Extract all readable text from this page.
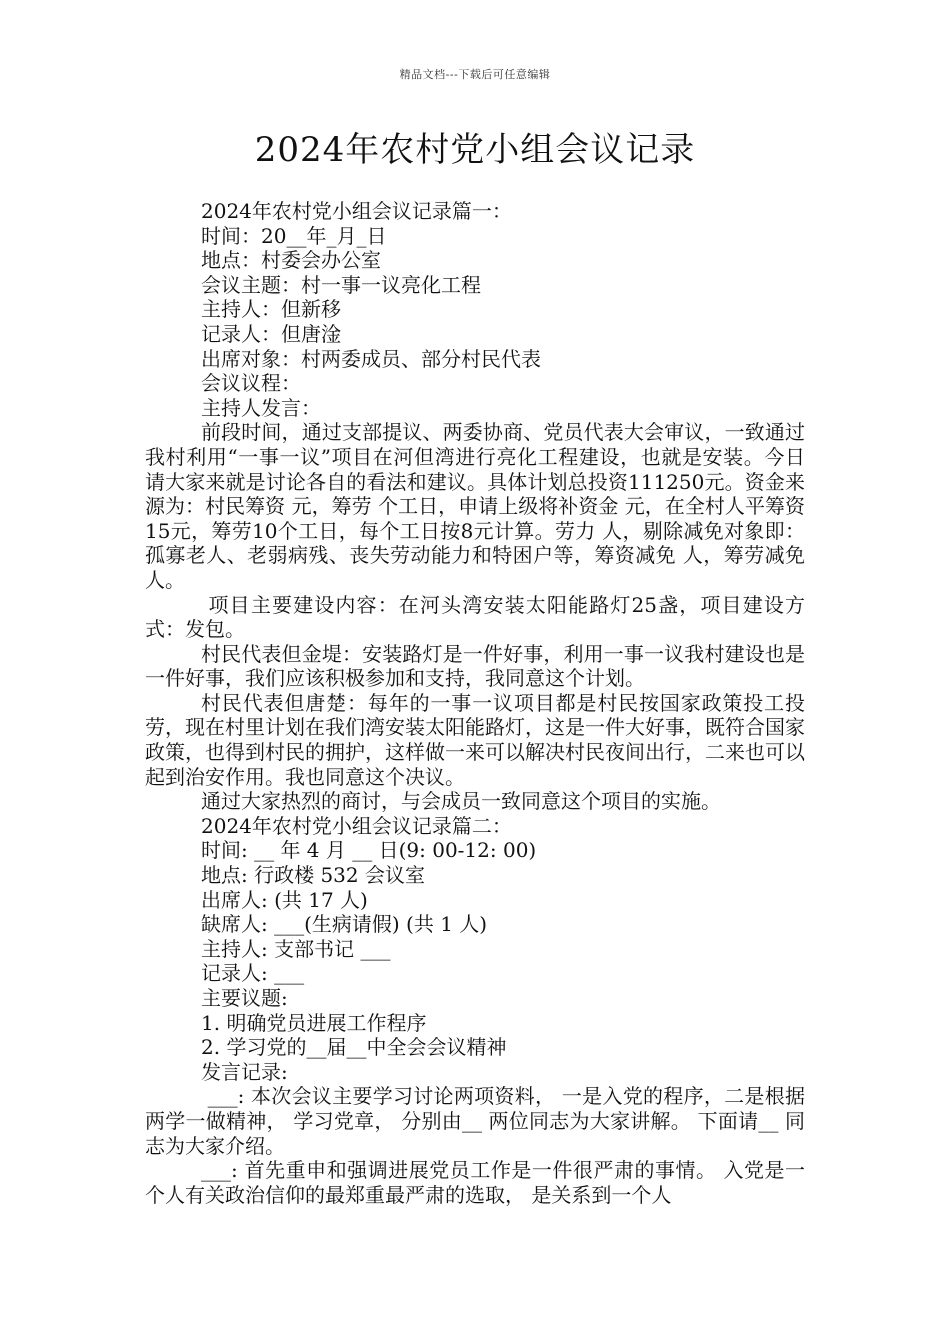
精品文档---下载后可任意编辑
2024年农村党小组会议记录

2024年农村党小组会议记录篇一：

时间：20__年_月_日

地点：村委会办公室

会议主题：村一事一议亮化工程

主持人：但新移

记录人：但唐淦

出席对象：村两委成员、部分村民代表

会议议程：

主持人发言：

前段时间，通过支部提议、两委协商、党员代表大会审议，一致通过我村利用“一事一议”项目在河但湾进行亮化工程建设，也就是安装。今日请大家来就是讨论各自的看法和建议。具体计划总投资111250元。资金来源为：村民筹资 元，筹劳 个工日，申请上级将补资金 元，在全村人平筹资15元，筹劳10个工日，每个工日按8元计算。劳力 人，剔除减免对象即：孤寡老人、老弱病残、丧失劳动能力和特困户等，筹资减免 人，筹劳减免 人。

项目主要建设内容：在河头湾安装太阳能路灯25盏，项目建设方式：发包。

村民代表但金堤：安装路灯是一件好事，利用一事一议我村建设也是一件好事，我们应该积极参加和支持，我同意这个计划。

村民代表但唐楚：每年的一事一议项目都是村民按国家政策投工投劳，现在村里计划在我们湾安装太阳能路灯，这是一件大好事，既符合国家政策，也得到村民的拥护，这样做一来可以解决村民夜间出行，二来也可以起到治安作用。我也同意这个决议。

通过大家热烈的商讨，与会成员一致同意这个项目的实施。

2024年农村党小组会议记录篇二：

时间: __ 年 4 月 __ 日(9: 00-12: 00)

地点: 行政楼 532 会议室

出席人: (共 17 人)

缺席人: ___(生病请假) (共 1 人)

主持人: 支部书记 ___

记录人: ___

主要议题:

1. 明确党员进展工作程序

2. 学习党的__届__中全会会议精神

发言记录:

___: 本次会议主要学习讨论两项资料， 一是入党的程序，二是根据两学一做精神， 学习党章， 分别由__ 两位同志为大家讲解。 下面请__ 同志为大家介绍。

___: 首先重申和强调进展党员工作是一件很严肃的事情。 入党是一个人有关政治信仰的最郑重最严肃的选取， 是关系到一个人
